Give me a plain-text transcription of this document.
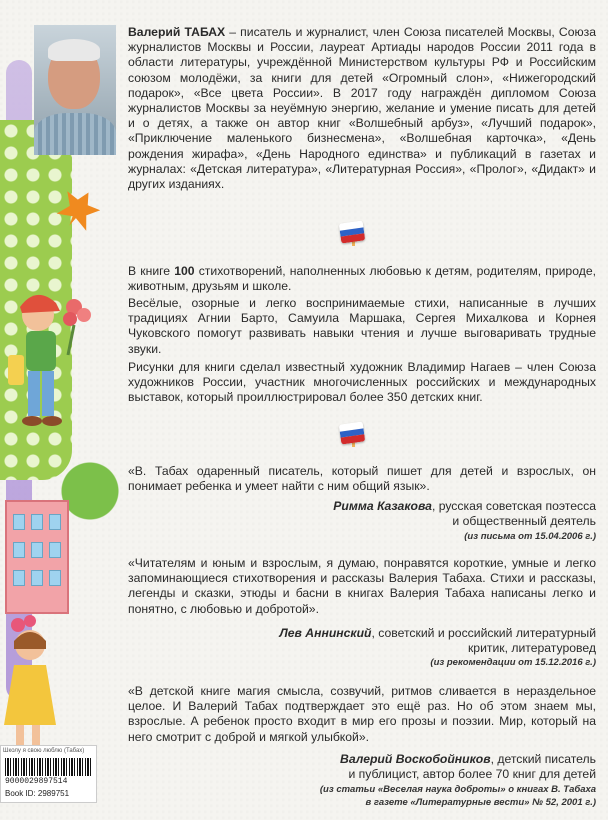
Валерий ТАБАХ – писатель и журналист, член Союза писателей Москвы, Союза журналистов Москвы и России, лауреат Артиады народов России 2011 года в области литературы, учреждённой Министерством культуры РФ и Российским союзом молодёжи, за книги для детей «Огромный слон», «Нижегородский подарок», «Все цвета России». В 2017 году награждён дипломом Союза журналистов Москвы за неуёмную энергию, желание и умение писать для детей и о детях, а также он автор книг «Волшебный арбуз», «Лучший подарок», «Приключение маленького бизнесмена», «Волшебная карточка», «День рождения жирафа», «День Народного единства» и публикаций в газетах и журналах: «Детская литература», «Литературная Россия», «Пролог», «Дидакт» и других изданиях.
В книге 100 стихотворений, наполненных любовью к детям, родителям, природе, животным, друзьям и школе.
Весёлые, озорные и легко воспринимаемые стихи, написанные в лучших традициях Агнии Барто, Самуила Маршака, Сергея Михалкова и Корнея Чуковского помогут развивать навыки чтения и лучше выговаривать трудные звуки.
Рисунки для книги сделал известный художник Владимир Нагаев – член Союза художников России, участник многочисленных российских и международных выставок, который проиллюстрировал более 350 детских книг.
«В. Табах одаренный писатель, который пишет для детей и взрослых, он понимает ребенка и умеет найти с ним общий язык».
Римма Казакова, русская советская поэтесса
и общественный деятель
(из письма от 15.04.2006 г.)
«Читателям и юным и взрослым, я думаю, понравятся короткие, умные и легко запоминающиеся стихотворения и рассказы Валерия Табаха. Стихи и рассказы, легенды и сказки, этюды и басни в книгах Валерия Табаха написаны легко и понятно, с любовью и добротой».
Лев Аннинский, советский и российский литературный
критик, литературовед
(из рекомендации от 15.12.2016 г.)
«В детской книге магия смысла, созвучий, ритмов сливается в нераздельное целое. И Валерий Табах подтверждает это ещё раз. Но об этом знаем мы, взрослые. А ребенок просто входит в мир его прозы и поэзии. Мир, который на него смотрит с доброй и мягкой улыбкой».
Валерий Воскобойников, детский писатель
и публицист, автор более 70 книг для детей
(из статьи «Веселая наука доброты» о книгах В. Табаха
в газете «Литературные вести» № 52, 2001 г.)
Школу я свою люблю (Табах)
9000029897514
Book ID: 2989751
